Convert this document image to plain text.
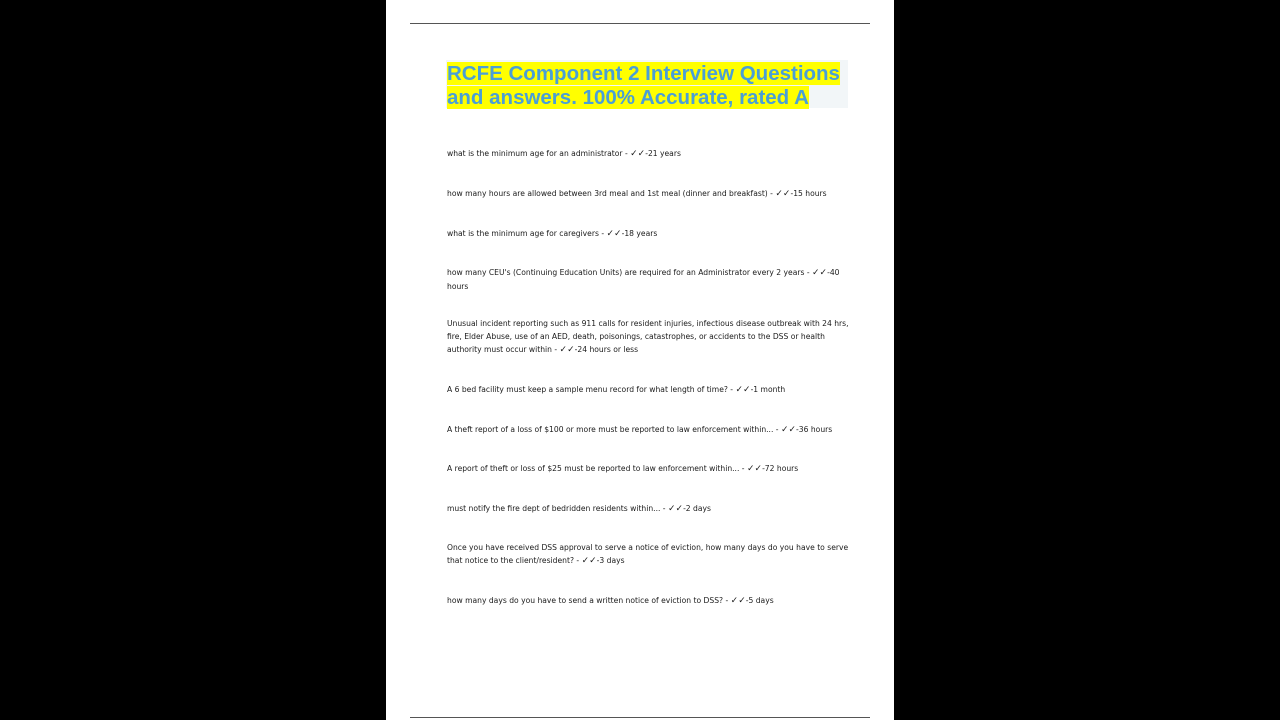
RCFE Component 2 Interview Questions and answers. 100% Accurate, rated A

what is the minimum age for an administrator - ✓✓-21 years

how many hours are allowed between 3rd meal and 1st meal (dinner and breakfast) - ✓✓-15 hours

what is the minimum age for caregivers - ✓✓-18 years

how many CEU's (Continuing Education Units) are required for an Administrator every 2 years - ✓✓-40 hours

Unusual incident reporting such as 911 calls for resident injuries, infectious disease outbreak with 24 hrs, fire, Elder Abuse, use of an AED, death, poisonings, catastrophes, or accidents to the DSS or health authority must occur within - ✓✓-24 hours or less

A 6 bed facility must keep a sample menu record for what length of time? - ✓✓-1 month

A theft report of a loss of $100 or more must be reported to law enforcement within... - ✓✓-36 hours

A report of theft or loss of $25 must be reported to law enforcement within... - ✓✓-72 hours

must notify the fire dept of bedridden residents within... - ✓✓-2 days

Once you have received DSS approval to serve a notice of eviction, how many days do you have to serve that notice to the client/resident? - ✓✓-3 days

how many days do you have to send a written notice of eviction to DSS? - ✓✓-5 days
